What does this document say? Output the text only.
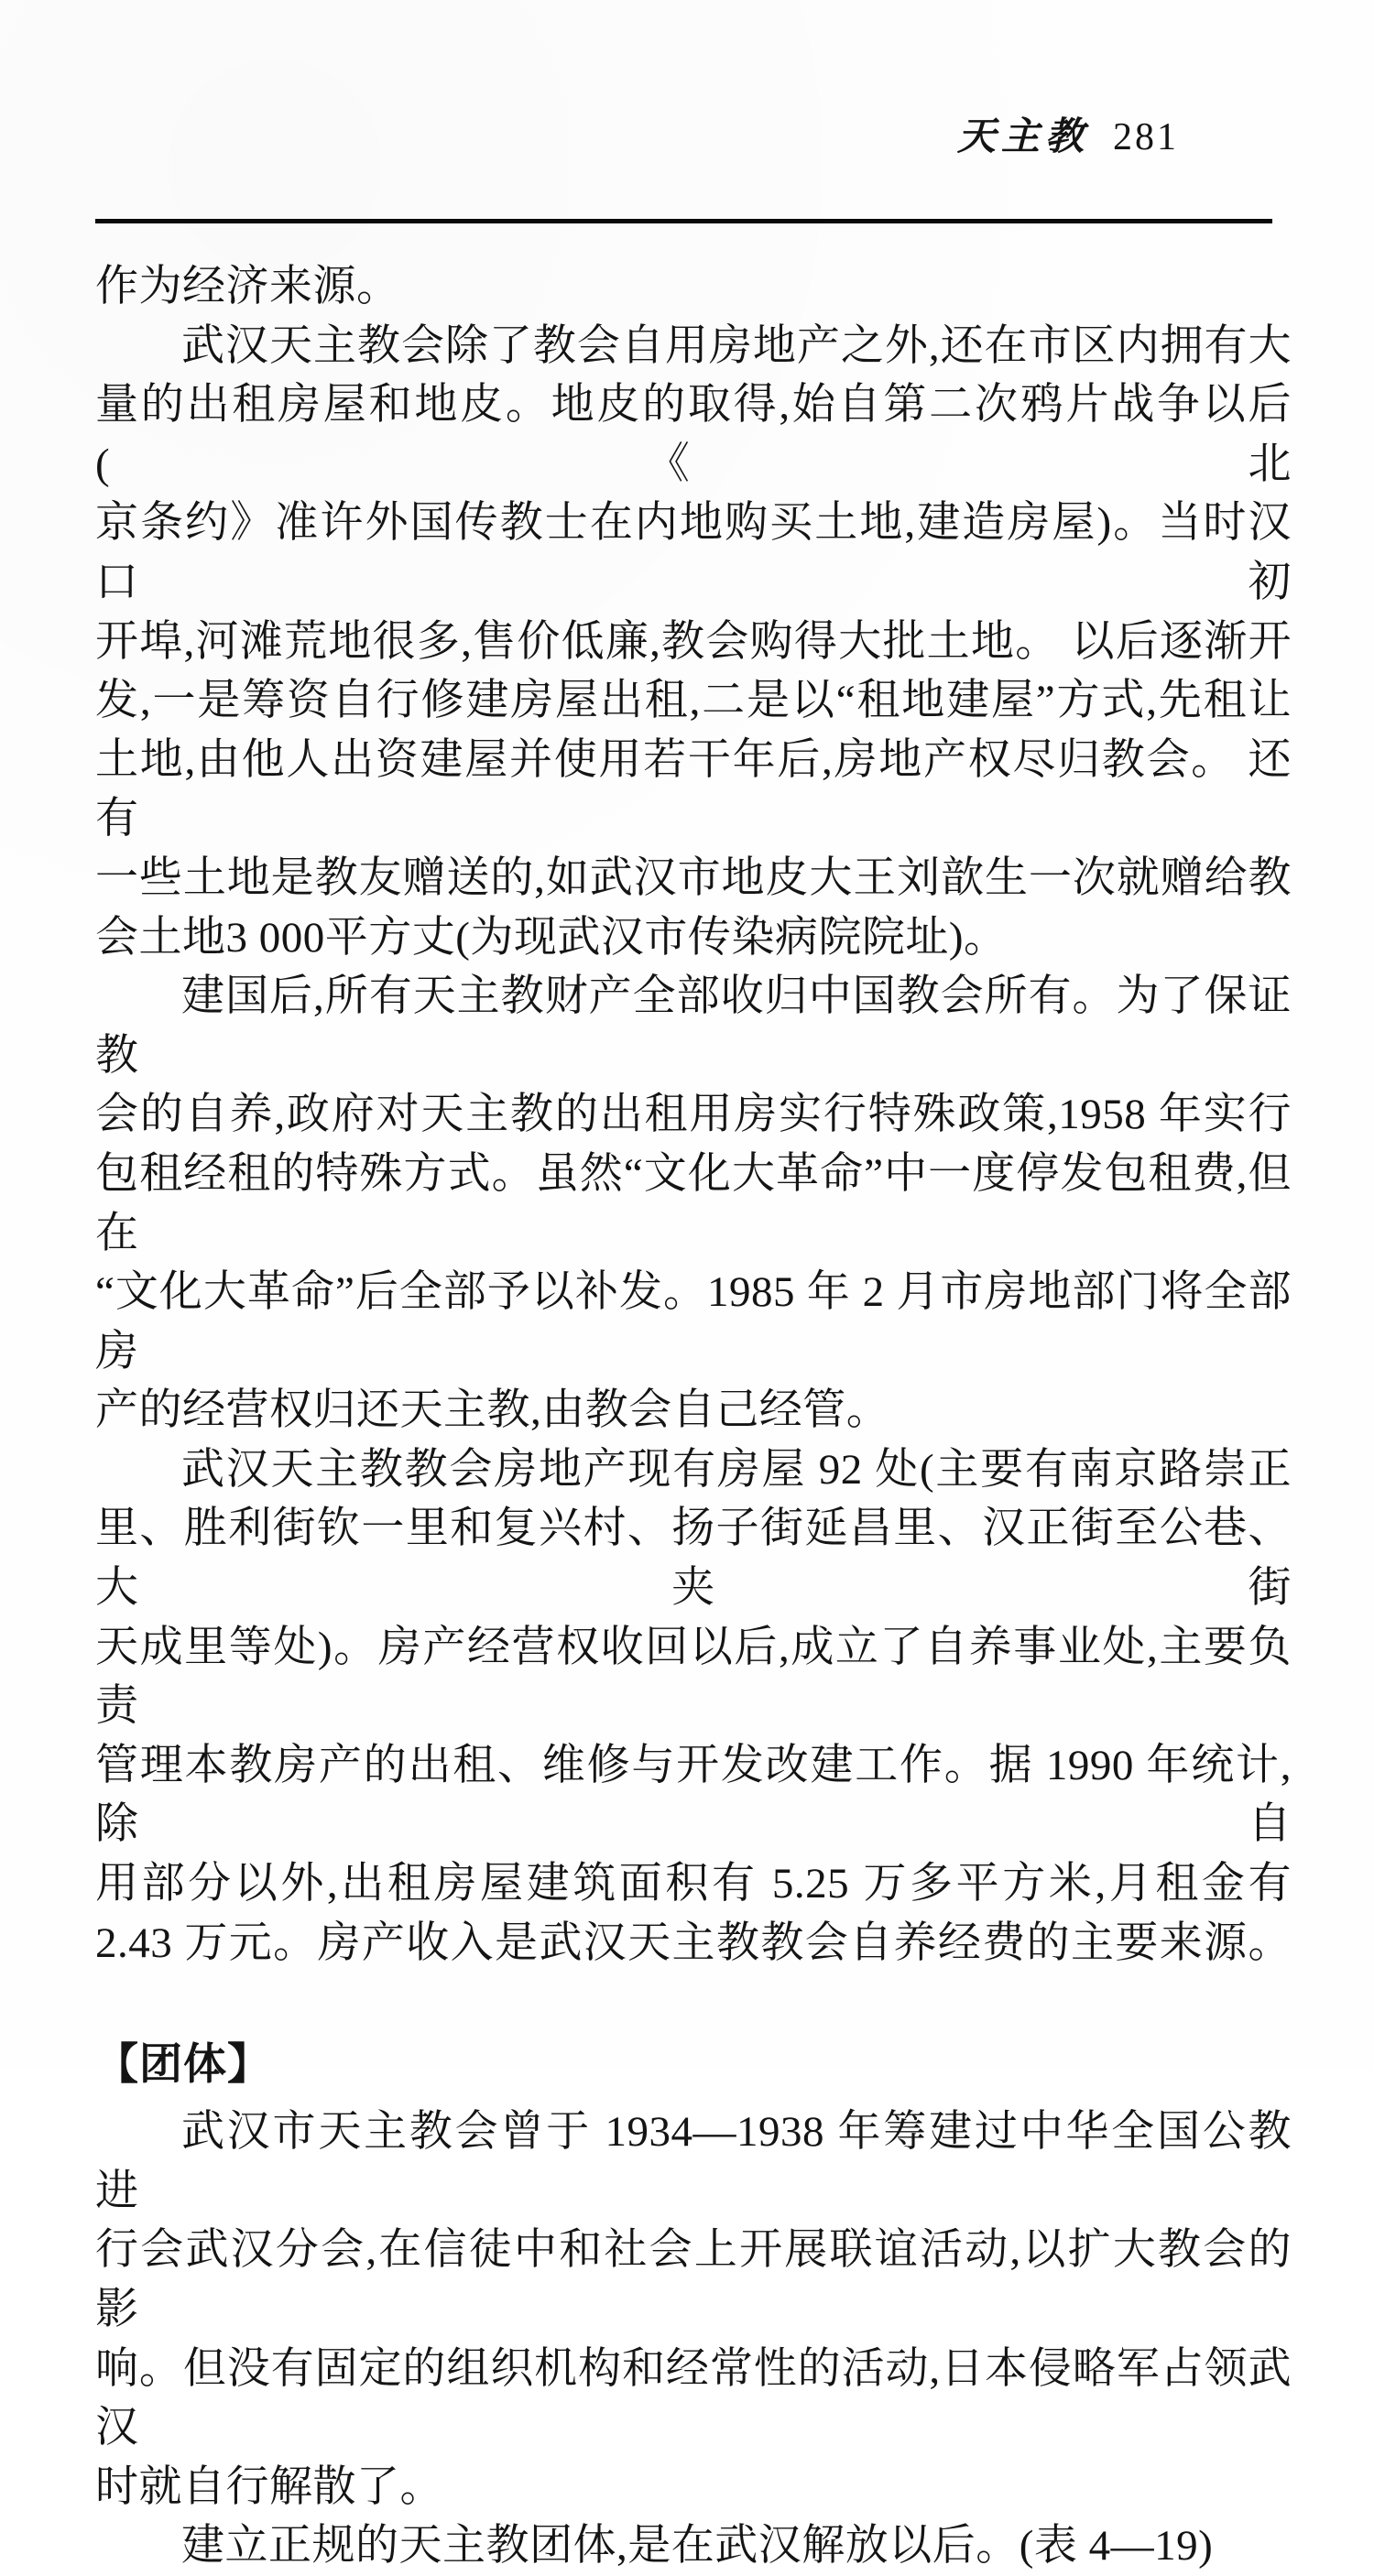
天主教 281
作为经济来源。
武汉天主教会除了教会自用房地产之外,还在市区内拥有大
量的出租房屋和地皮。地皮的取得,始自第二次鸦片战争以后(《北
京条约》准许外国传教士在内地购买土地,建造房屋)。当时汉口初
开埠,河滩荒地很多,售价低廉,教会购得大批土地。 以后逐渐开
发,一是筹资自行修建房屋出租,二是以“租地建屋”方式,先租让
土地,由他人出资建屋并使用若干年后,房地产权尽归教会。 还有
一些土地是教友赠送的,如武汉市地皮大王刘歆生一次就赠给教
会土地3 000平方丈(为现武汉市传染病院院址)。
建国后,所有天主教财产全部收归中国教会所有。为了保证教
会的自养,政府对天主教的出租用房实行特殊政策,1958 年实行
包租经租的特殊方式。虽然“文化大革命”中一度停发包租费,但在
“文化大革命”后全部予以补发。1985 年 2 月市房地部门将全部房
产的经营权归还天主教,由教会自己经管。
武汉天主教教会房地产现有房屋 92 处(主要有南京路崇正
里、胜利街钦一里和复兴村、扬子街延昌里、汉正街至公巷、大夹街
天成里等处)。房产经营权收回以后,成立了自养事业处,主要负责
管理本教房产的出租、维修与开发改建工作。据 1990 年统计,除自
用部分以外,出租房屋建筑面积有 5.25 万多平方米,月租金有
2.43 万元。房产收入是武汉天主教教会自养经费的主要来源。
【团体】
武汉市天主教会曾于 1934—1938 年筹建过中华全国公教进
行会武汉分会,在信徒中和社会上开展联谊活动,以扩大教会的影
响。但没有固定的组织机构和经常性的活动,日本侵略军占领武汉
时就自行解散了。
建立正规的天主教团体,是在武汉解放以后。(表 4—19)
